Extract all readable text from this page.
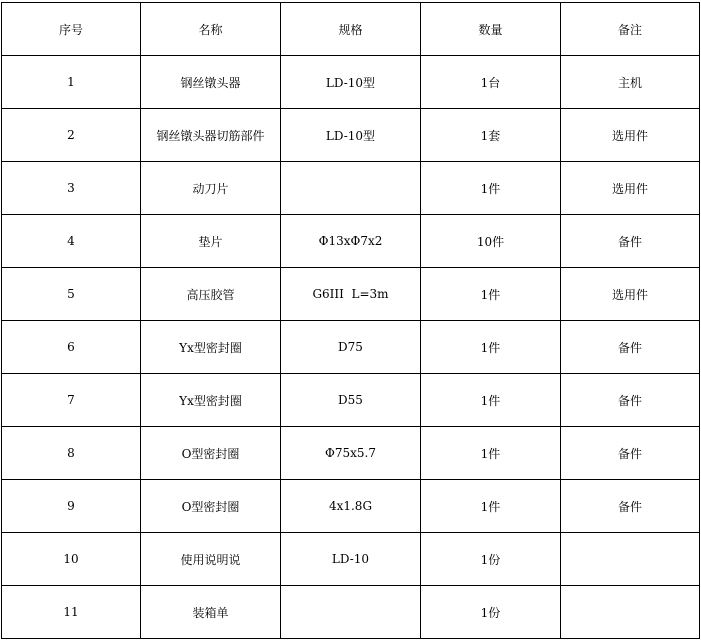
序号	名称	规格	数量	备注
1	钢丝镦头器	LD-10型	1台	主机
2	钢丝镦头器切筋部件	LD-10型	1套	选用件
3	动刀片		1件	选用件
4	垫片	Φ13xΦ7x2	10件	备件
5	高压胶管	G6III  L=3m	1件	选用件
6	Yx型密封圈	D75	1件	备件
7	Yx型密封圈	D55	1件	备件
8	O型密封圈	Φ75x5.7	1件	备件
9	O型密封圈	4x1.8G	1件	备件
10	使用说明说	LD-10	1份	
11	装箱单		1份	
